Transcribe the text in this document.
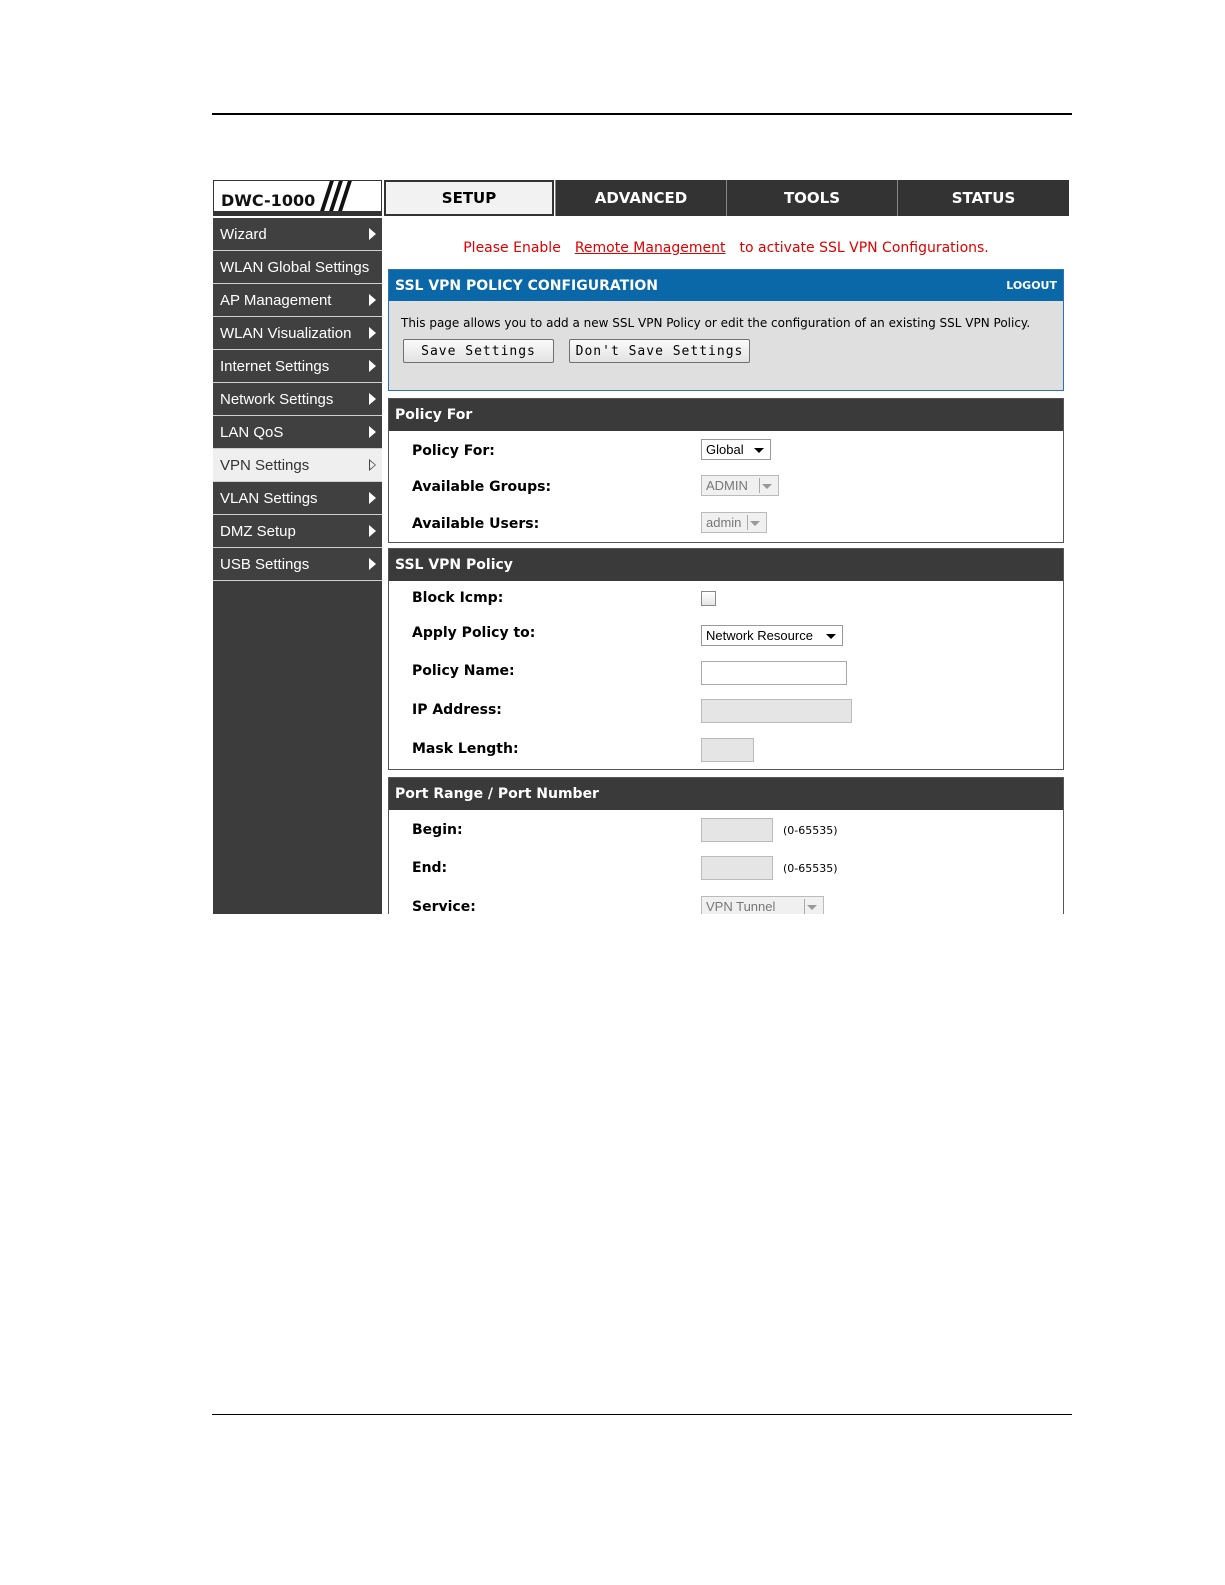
DWC-1000	SETUP	ADVANCED	TOOLS	STATUS
Wizard
WLAN Global Settings
AP Management
WLAN Visualization
Internet Settings
Network Settings
LAN QoS
VPN Settings
VLAN Settings
DMZ Setup
USB Settings
Please Enable Remote Management to activate SSL VPN Configurations.
SSL VPN POLICY CONFIGURATION	LOGOUT
This page allows you to add a new SSL VPN Policy or edit the configuration of an existing SSL VPN Policy.
Save Settings	Don't Save Settings
Policy For
Policy For:	Global
Available Groups:	ADMIN
Available Users:	admin
SSL VPN Policy
Block Icmp:
Apply Policy to:	Network Resource
Policy Name:
IP Address:
Mask Length:
Port Range / Port Number
Begin:	(0-65535)
End:	(0-65535)
Service:	VPN Tunnel
